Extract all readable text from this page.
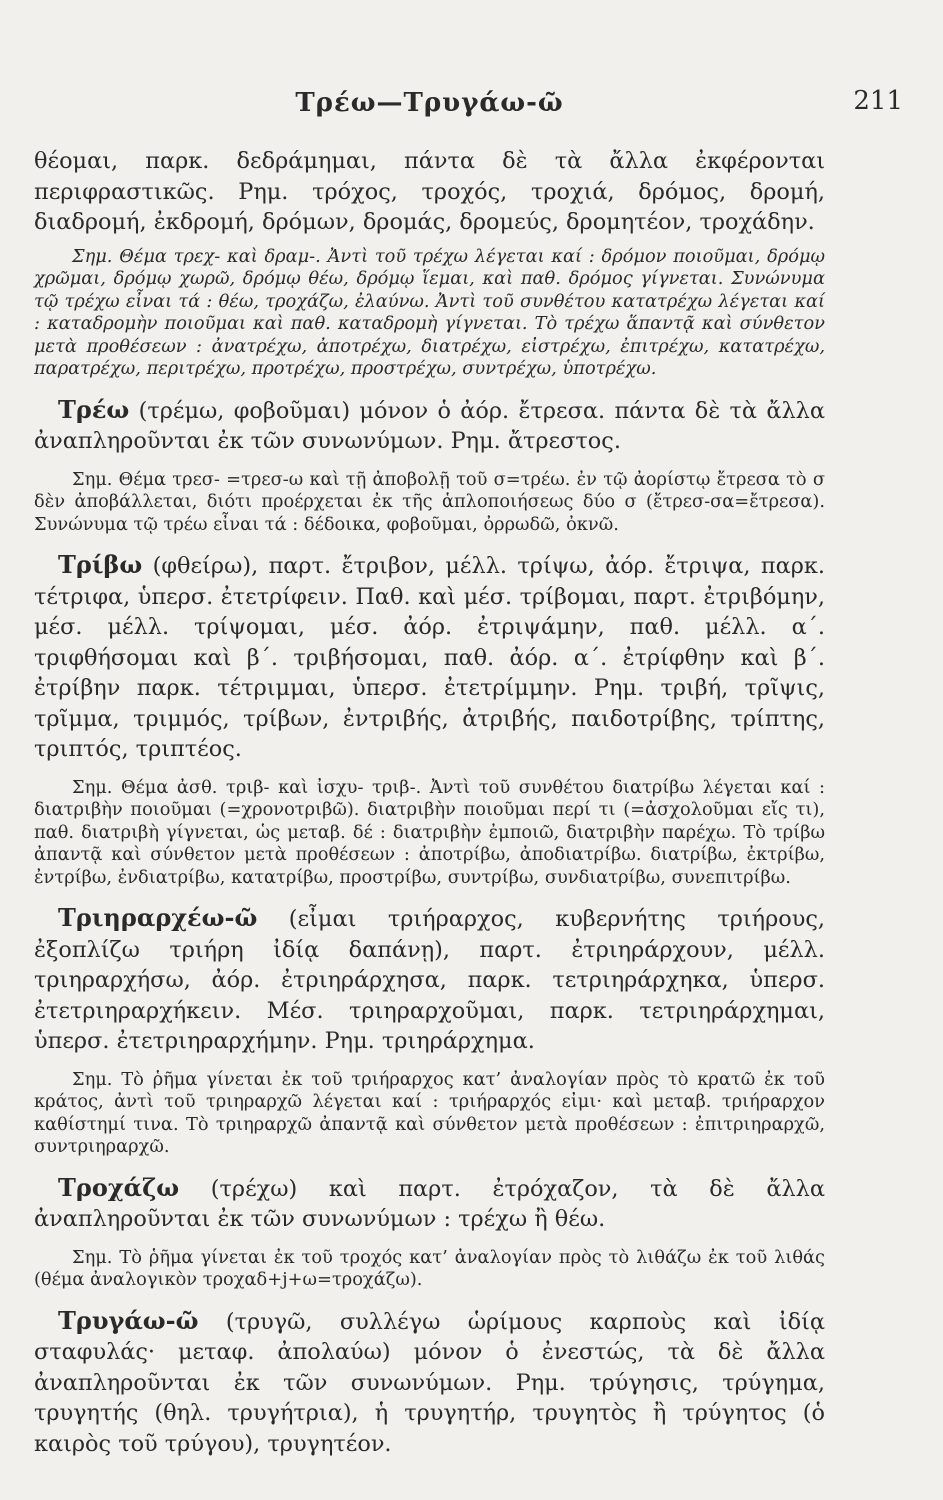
Τρέω—Τρυγάω-ῶ	211

θέομαι, παρκ. δεδράμημαι, πάντα δὲ τὰ ἄλλα ἐκφέρονται περιφραστικῶς. Ρημ. τρόχος, τροχός, τροχιά, δρόμος, δρομή, διαδρομή, ἐκδρομή, δρόμων, δρομάς, δρομεύς, δρομητέον, τροχάδην.

Σημ. Θέμα τρεχ- καὶ δραμ-. Ἀντὶ τοῦ τρέχω λέγεται καί : δρόμον ποιοῦμαι, δρόμῳ χρῶμαι, δρόμῳ χωρῶ, δρόμῳ θέω, δρόμῳ ἵεμαι, καὶ παθ. δρόμος γίγνεται. Συνώνυμα τῷ τρέχω εἶναι τά : θέω, τροχάζω, ἐλαύνω. Ἀντὶ τοῦ συνθέτου κατατρέχω λέγεται καί : καταδρομὴν ποιοῦμαι καὶ παθ. καταδρομὴ γίγνεται. Τὸ τρέχω ἅπαντᾷ καὶ σύνθετον μετὰ προθέσεων : ἀνατρέχω, ἀποτρέχω, διατρέχω, εἰστρέχω, ἐπιτρέχω, κατατρέχω, παρατρέχω, περιτρέχω, προτρέχω, προστρέχω, συντρέχω, ὑποτρέχω.

Τρέω (τρέμω, φοβοῦμαι) μόνον ὁ ἀόρ. ἔτρεσα. πάντα δὲ τὰ ἄλλα ἀναπληροῦνται ἐκ τῶν συνωνύμων. Ρημ. ἄτρεστος.

Σημ. Θέμα τρεσ- =τρεσ-ω καὶ τῇ ἀποβολῇ τοῦ σ=τρέω. ἐν τῷ ἀορίστῳ ἔτρεσα τὸ σ δὲν ἀποβάλλεται, διότι προέρχεται ἐκ τῆς ἁπλοποιήσεως δύο σ (ἔτρεσ-σα=ἔτρεσα). Συνώνυμα τῷ τρέω εἶναι τά : δέδοικα, φοβοῦμαι, ὀρρωδῶ, ὀκνῶ.

Τρίβω (φθείρω), παρτ. ἔτριβον, μέλλ. τρίψω, ἀόρ. ἔτριψα, παρκ. τέτριφα, ὑπερσ. ἐτετρίφειν. Παθ. καὶ μέσ. τρίβομαι, παρτ. ἐτριβόμην, μέσ. μέλλ. τρίψομαι, μέσ. ἀόρ. ἐτριψάμην, παθ. μέλλ. α΄. τριφθήσομαι καὶ β΄. τριβήσομαι, παθ. ἀόρ. α΄. ἐτρίφθην καὶ β΄. ἐτρίβην παρκ. τέτριμμαι, ὑπερσ. ἐτετρίμμην. Ρημ. τριβή, τρῖψις, τρῖμμα, τριμμός, τρίβων, ἐντριβής, ἀτριβής, παιδοτρίβης, τρίπτης, τριπτός, τριπτέος.

Σημ. Θέμα ἀσθ. τριβ- καὶ ἰσχυ- τριβ-. Ἀντὶ τοῦ συνθέτου διατρίβω λέγεται καί : διατριβὴν ποιοῦμαι (=χρονοτριβῶ). διατριβὴν ποιοῦμαι περί τι (=ἀσχολοῦμαι εἴς τι), παθ. διατριβὴ γίγνεται, ὡς μεταβ. δέ : διατριβὴν ἐμποιῶ, διατριβὴν παρέχω. Τὸ τρίβω ἀπαντᾷ καὶ σύνθετον μετὰ προθέσεων : ἀποτρίβω, ἀποδιατρίβω. διατρίβω, ἐκτρίβω, ἐντρίβω, ἐνδιατρίβω, κατατρίβω, προστρίβω, συντρίβω, συνδιατρίβω, συνεπιτρίβω.

Τριηραρχέω-ῶ (εἶμαι τριήραρχος, κυβερνήτης τριήρους, ἐξοπλίζω τριήρη ἰδίᾳ δαπάνῃ), παρτ. ἐτριηράρχουν, μέλλ. τριηραρχήσω, ἀόρ. ἐτριηράρχησα, παρκ. τετριηράρχηκα, ὑπερσ. ἐτετριηραρχήκειν. Μέσ. τριηραρχοῦμαι, παρκ. τετριηράρχημαι, ὑπερσ. ἐτετριηραρχήμην. Ρημ. τριηράρχημα.

Σημ. Τὸ ῥῆμα γίνεται ἐκ τοῦ τριήραρχος κατ’ ἀναλογίαν πρὸς τὸ κρατῶ ἐκ τοῦ κράτος, ἀντὶ τοῦ τριηραρχῶ λέγεται καί : τριήραρχός εἰμι· καὶ μεταβ. τριήραρχον καθίστημί τινα. Τὸ τριηραρχῶ ἀπαντᾷ καὶ σύνθετον μετὰ προθέσεων : ἐπιτριηραρχῶ, συντριηραρχῶ.

Τροχάζω (τρέχω) καὶ παρτ. ἐτρόχαζον, τὰ δὲ ἄλλα ἀναπληροῦνται ἐκ τῶν συνωνύμων : τρέχω ἢ θέω.

Σημ. Τὸ ῥῆμα γίνεται ἐκ τοῦ τροχός κατ’ ἀναλογίαν πρὸς τὸ λιθάζω ἐκ τοῦ λιθάς (θέμα ἀναλογικὸν τροχαδ+j+ω=τροχάζω).

Τρυγάω-ῶ (τρυγῶ, συλλέγω ὡρίμους καρποὺς καὶ ἰδίᾳ σταφυλάς· μεταφ. ἀπολαύω) μόνον ὁ ἐνεστώς, τὰ δὲ ἄλλα ἀναπληροῦνται ἐκ τῶν συνωνύμων. Ρημ. τρύγησις, τρύγημα, τρυγητής (θηλ. τρυγήτρια), ἡ τρυγητήρ, τρυγητὸς ἢ τρύγητος (ὁ καιρὸς τοῦ τρύγου), τρυγητέον.
